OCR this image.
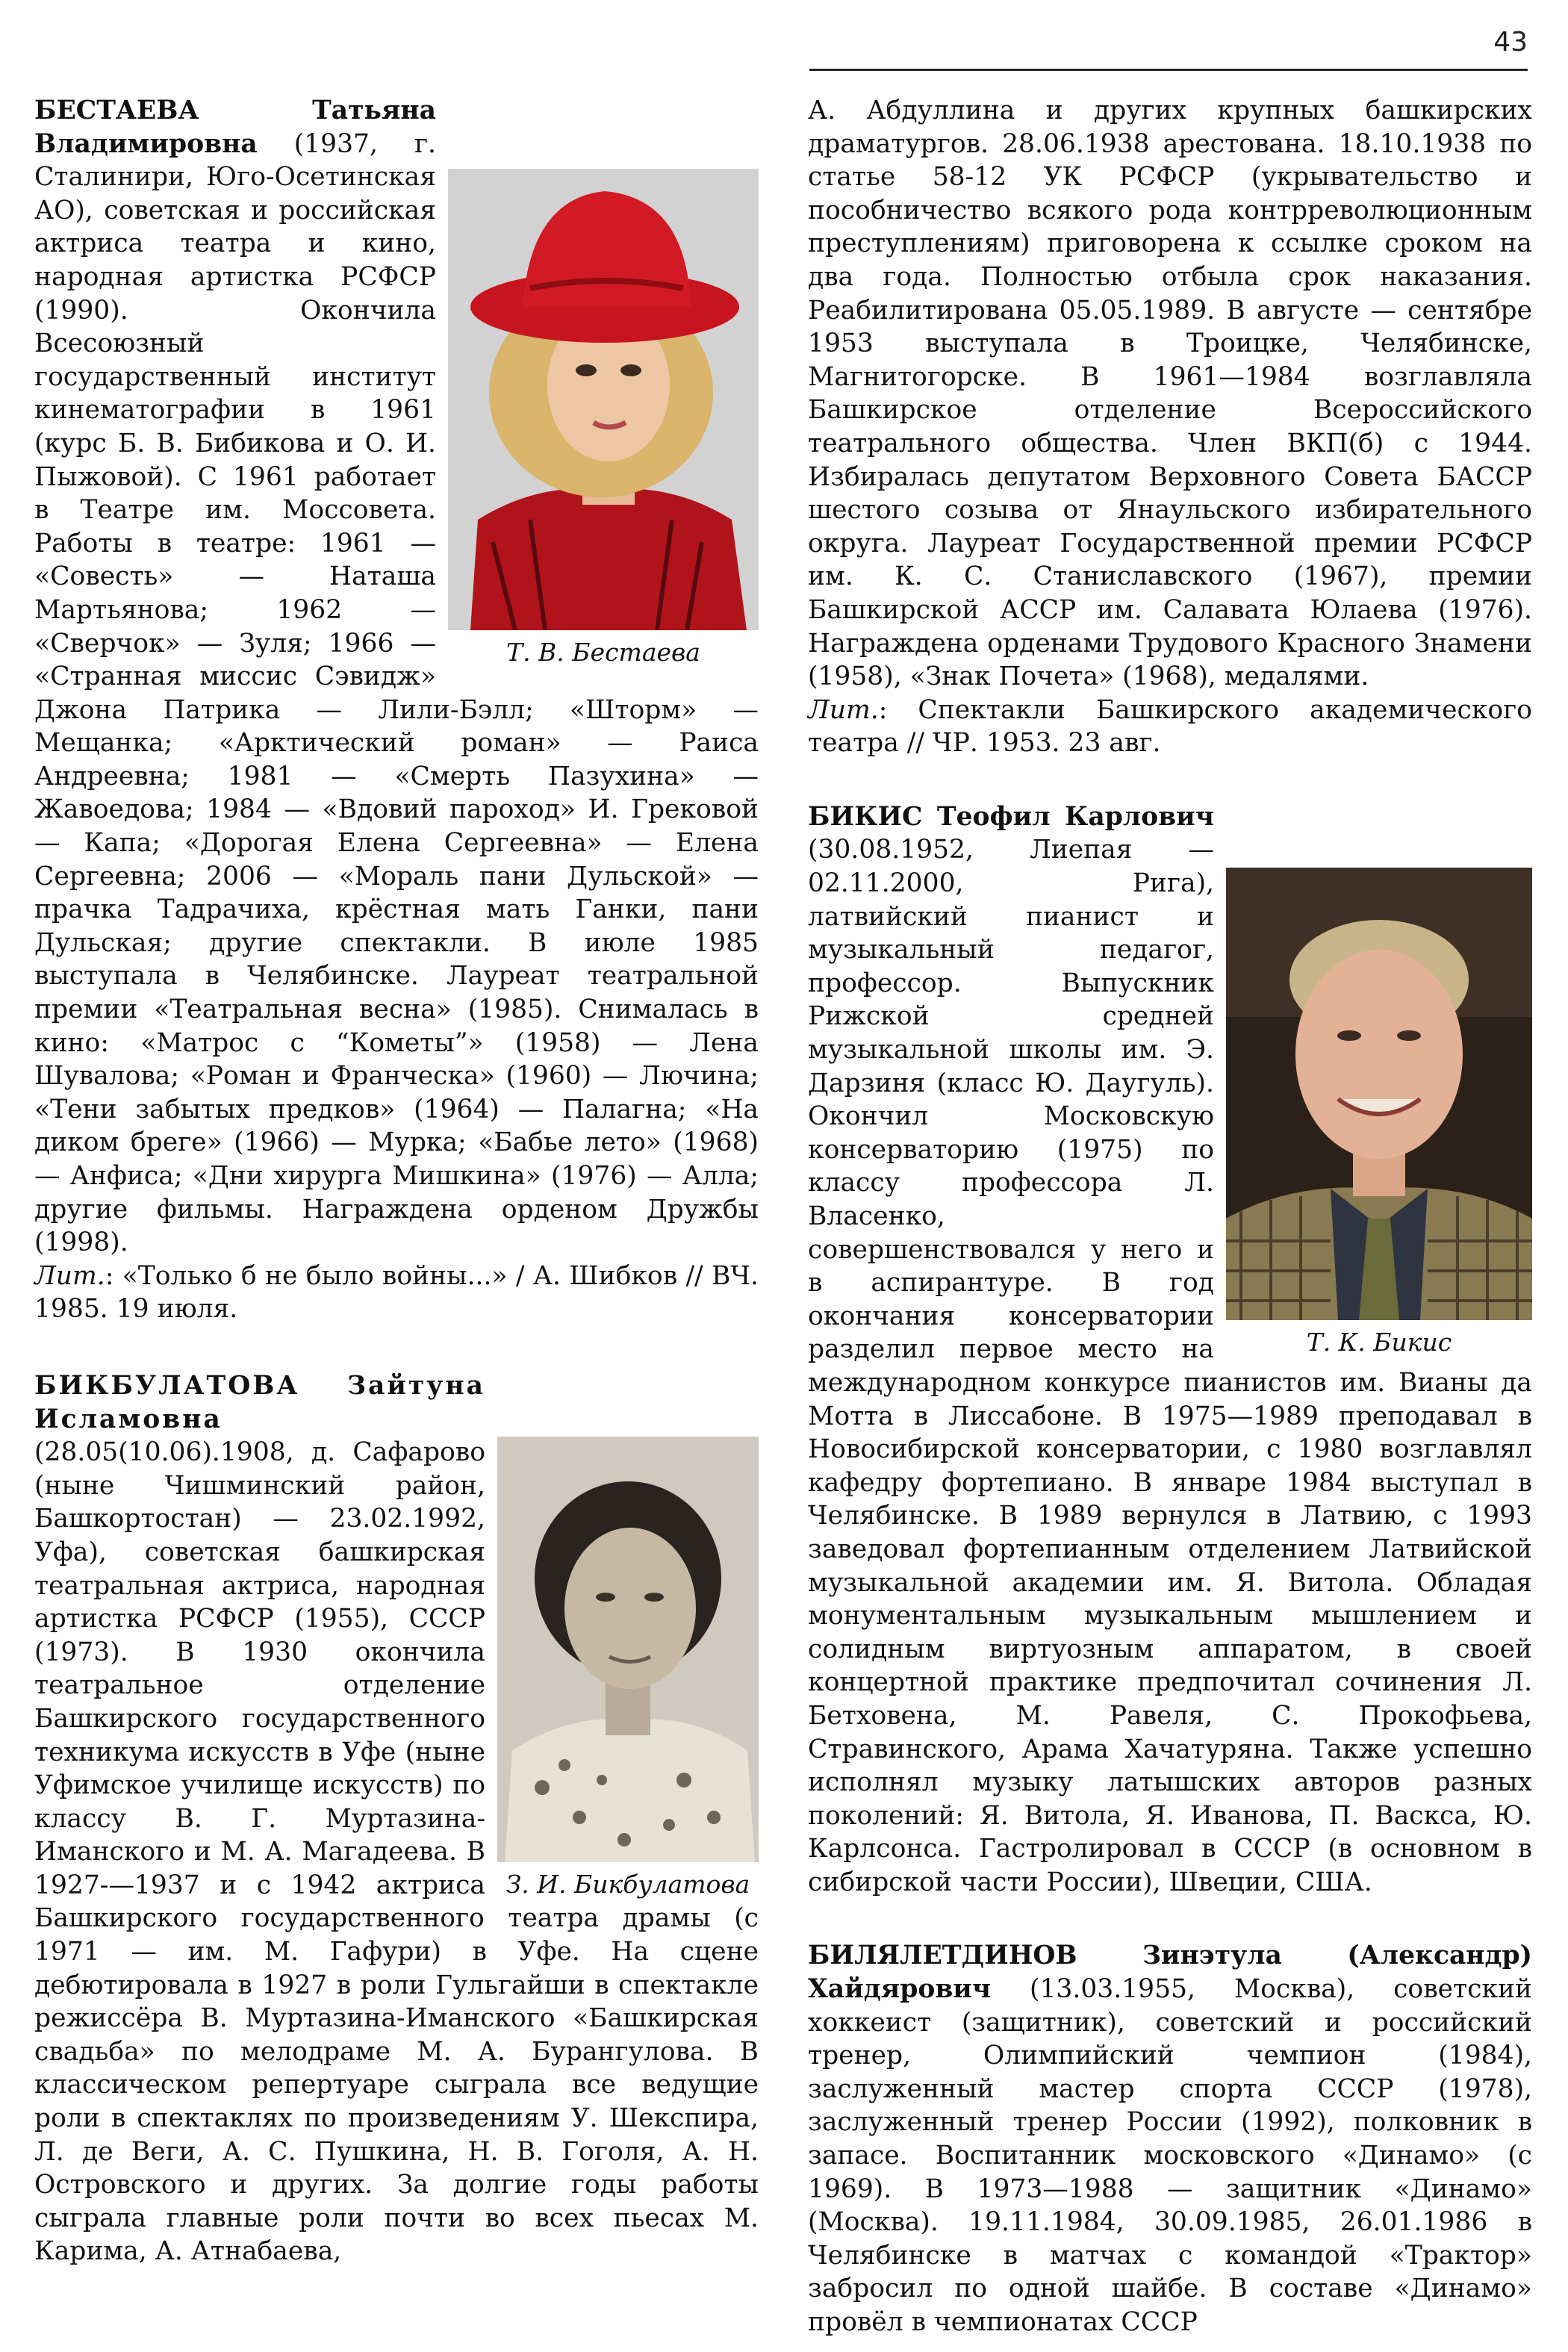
43
Т. В. Бестаева
БЕСТАЕВА Татьяна Владимировна (1937, г. Сталинири, Юго-Осетинская АО), советская и российская актриса театра и кино, народная артистка РСФСР (1990). Окончила Всесоюзный государственный институт кинематографии в 1961 (курс Б. В. Бибикова и О. И. Пыжовой). С 1961 работает в Театре им. Моссовета. Работы в театре: 1961 — «Совесть» — Наташа Мартьянова; 1962 — «Сверчок» — Зуля; 1966 — «Странная миссис Сэвидж» Джона Патрика — Лили-Бэлл; «Шторм» — Мещанка; «Арктический роман» — Раиса Андреевна; 1981 — «Смерть Пазухина» — Жавоедова; 1984 — «Вдовий пароход» И. Грековой — Капа; «Дорогая Елена Сергеевна» — Елена Сергеевна; 2006 — «Мораль пани Дульской» — прачка Тадрачиха, крёстная мать Ганки, пани Дульская; другие спектакли. В июле 1985 выступала в Челябинске. Лауреат театральной премии «Театральная весна» (1985). Снималась в кино: «Матрос с “Кометы”» (1958) — Лена Шувалова; «Роман и Франческа» (1960) — Лючина; «Тени забытых предков» (1964) — Палагна; «На диком бреге» (1966) — Мурка; «Бабье лето» (1968) — Анфиса; «Дни хирурга Мишкина» (1976) — Алла; другие фильмы. Награждена орденом Дружбы (1998).

Лит.: «Только б не было войны...» / А. Шибков // ВЧ. 1985. 19 июля.

З. И. Бикбулатова
БИКБУЛАТОВА Зайтуна Исламовна (28.05(10.06).1908, д. Сафарово (ныне Чишминский район, Башкортостан) — 23.02.1992, Уфа), советская башкирская театральная актриса, народная артистка РСФСР (1955), СССР (1973). В 1930 окончила театральное отделение Башкирского государственного техникума искусств в Уфе (ныне Уфимское училище искусств) по классу В. Г. Муртазина-Иманского и М. А. Магадеева. В 1927-—1937 и с 1942 актриса Башкирского государственного театра драмы (с 1971 — им. М. Гафури) в Уфе. На сцене дебютировала в 1927 в роли Гульгайши в спектакле режиссёра В. Муртазина-Иманского «Башкирская свадьба» по мелодраме М. А. Бурангулова. В классическом репертуаре сыграла все ведущие роли в спектаклях по произведениям У. Шекспира, Л. де Веги, А. С. Пушкина, Н. В. Гоголя, А. Н. Островского и других. За долгие годы работы сыграла главные роли почти во всех пьесах М. Карима, А. Атнабаева,

А. Абдуллина и других крупных башкирских драматургов. 28.06.1938 арестована. 18.10.1938 по статье 58-12 УК РСФСР (укрывательство и пособничество всякого рода контрреволюционным преступлениям) приговорена к ссылке сроком на два года. Полностью отбыла срок наказания. Реабилитирована 05.05.1989. В августе — сентябре 1953 выступала в Троицке, Челябинске, Магнитогорске. В 1961—1984 возглавляла Башкирское отделение Всероссийского театрального общества. Член ВКП(б) с 1944. Избиралась депутатом Верховного Совета БАССР шестого созыва от Янаульского избирательного округа. Лауреат Государственной премии РСФСР им. К. С. Станиславского (1967), премии Башкирской АССР им. Салавата Юлаева (1976). Награждена орденами Трудового Красного Знамени (1958), «Знак Почета» (1968), медалями.

Лит.: Спектакли Башкирского академического театра // ЧР. 1953. 23 авг.

Т. К. Бикис
БИКИС Теофил Карлович (30.08.1952, Лиепая — 02.11.2000, Рига), латвийский пианист и музыкальный педагог, профессор. Выпускник Рижской средней музыкальной школы им. Э. Дарзиня (класс Ю. Даугуль). Окончил Московскую консерваторию (1975) по классу профессора Л. Власенко, совершенствовался у него и в аспирантуре. В год окончания консерватории разделил первое место на международном конкурсе пианистов им. Вианы да Мотта в Лиссабоне. В 1975—1989 преподавал в Новосибирской консерватории, с 1980 возглавлял кафедру фортепиано. В январе 1984 выступал в Челябинске. В 1989 вернулся в Латвию, с 1993 заведовал фортепианным отделением Латвийской музыкальной академии им. Я. Витола. Обладая монументальным музыкальным мышлением и солидным виртуозным аппаратом, в своей концертной практике предпочитал сочинения Л. Бетховена, М. Равеля, С. Прокофьева, Стравинского, Арама Хачатуряна. Также успешно исполнял музыку латышских авторов разных поколений: Я. Витола, Я. Иванова, П. Васкса, Ю. Карлсонса. Гастролировал в СССР (в основном в сибирской части России), Швеции, США.
БИЛЯЛЕТДИНОВ Зинэтула (Александр) Хайдярович (13.03.1955, Москва), советский хоккеист (защитник), советский и российский тренер, Олимпийский чемпион (1984), заслуженный мастер спорта СССР (1978), заслуженный тренер России (1992), полковник в запасе. Воспитанник московского «Динамо» (с 1969). В 1973—1988 — защитник «Динамо» (Москва). 19.11.1984, 30.09.1985, 26.01.1986 в Челябинске в матчах с командой «Трактор» забросил по одной шайбе. В составе «Динамо» провёл в чемпионатах СССР
